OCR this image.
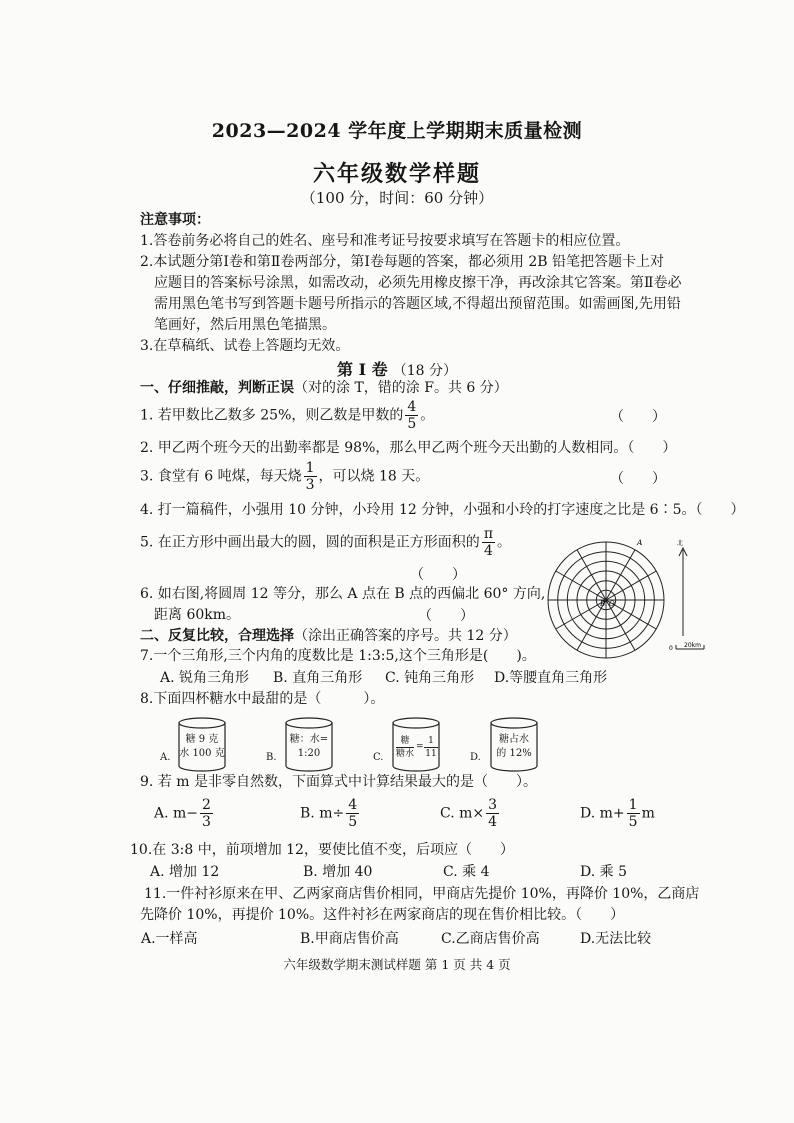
2023—2024 学年度上学期期末质量检测
六年级数学样题
（100 分，时间：60 分钟）
注意事项：
1.答卷前务必将自己的姓名、座号和准考证号按要求填写在答题卡的相应位置。
2.本试题分第Ⅰ卷和第Ⅱ卷两部分，第Ⅰ卷每题的答案，都必须用 2B 铅笔把答题卡上对
应题目的答案标号涂黑，如需改动，必须先用橡皮擦干净，再改涂其它答案。第Ⅱ卷必
需用黑色笔书写到答题卡题号所指示的答题区域,不得超出预留范围。如需画图,先用铅
笔画好，然后用黑色笔描黑。
3.在草稿纸、试卷上答题均无效。
第 Ⅰ 卷 （18 分）
一、仔细推敲，判断正误（对的涂 T，错的涂 F。共 6 分）
1. 若甲数比乙数多 25%，则乙数是甲数的 $\frac{4}{5}$ 。	（　　）
2. 甲乙两个班今天的出勤率都是 98%，那么甲乙两个班今天出勤的人数相同。（　　）
3. 食堂有 6 吨煤，每天烧 $\frac{1}{3}$ ，可以烧 18 天。	（　　）
4. 打一篇稿件，小强用 10 分钟，小玲用 12 分钟，小强和小玲的打字速度之比是 6∶5。（　　）
5. 在正方形中画出最大的圆，圆的面积是正方形面积的 $\frac{\pi}{4}$ 。
（　　）
6. 如右图,将圆周 12 等分，那么 A 点在 B 点的西偏北 60° 方向,
距离 60km。	（　　）
A
B O
北
0 20km
二、反复比较，合理选择（涂出正确答案的序号。共 12 分）
7.一个三角形,三个内角的度数比是 1:3:5,这个三角形是(　　)。
A. 锐角三角形 B. 直角三角形 C. 钝角三角形 D.等腰直角三角形
8.下面四杯糖水中最甜的是（　　　）。
A.
糖 9 克
水 100 克	B.
糖：水=
1:20	C.
糖
糖水
= $\frac{1}{11}$	D.
糖占水
的 12%
9. 若 m 是非零自然数，下面算式中计算结果最大的是（　　）。
A. $m- \frac{2}{3}$	B. $m\div \frac{4}{5}$	C. $m\times \frac{3}{4}$	D. $m+ \frac{1}{5}$ m
10.在 3:8 中，前项增加 12，要使比值不变，后项应（　　）
A. 增加 12	B. 增加 40	C. 乘 4	D. 乘 5
11.一件衬衫原来在甲、乙两家商店售价相同，甲商店先提价 10%，再降价 10%，乙商店
先降价 10%，再提价 10%。这件衬衫在两家商店的现在售价相比较。（　　）
A.一样高	B.甲商店售价高	C.乙商店售价高	D.无法比较
六年级数学期末测试样题 第 1 页 共 4 页
